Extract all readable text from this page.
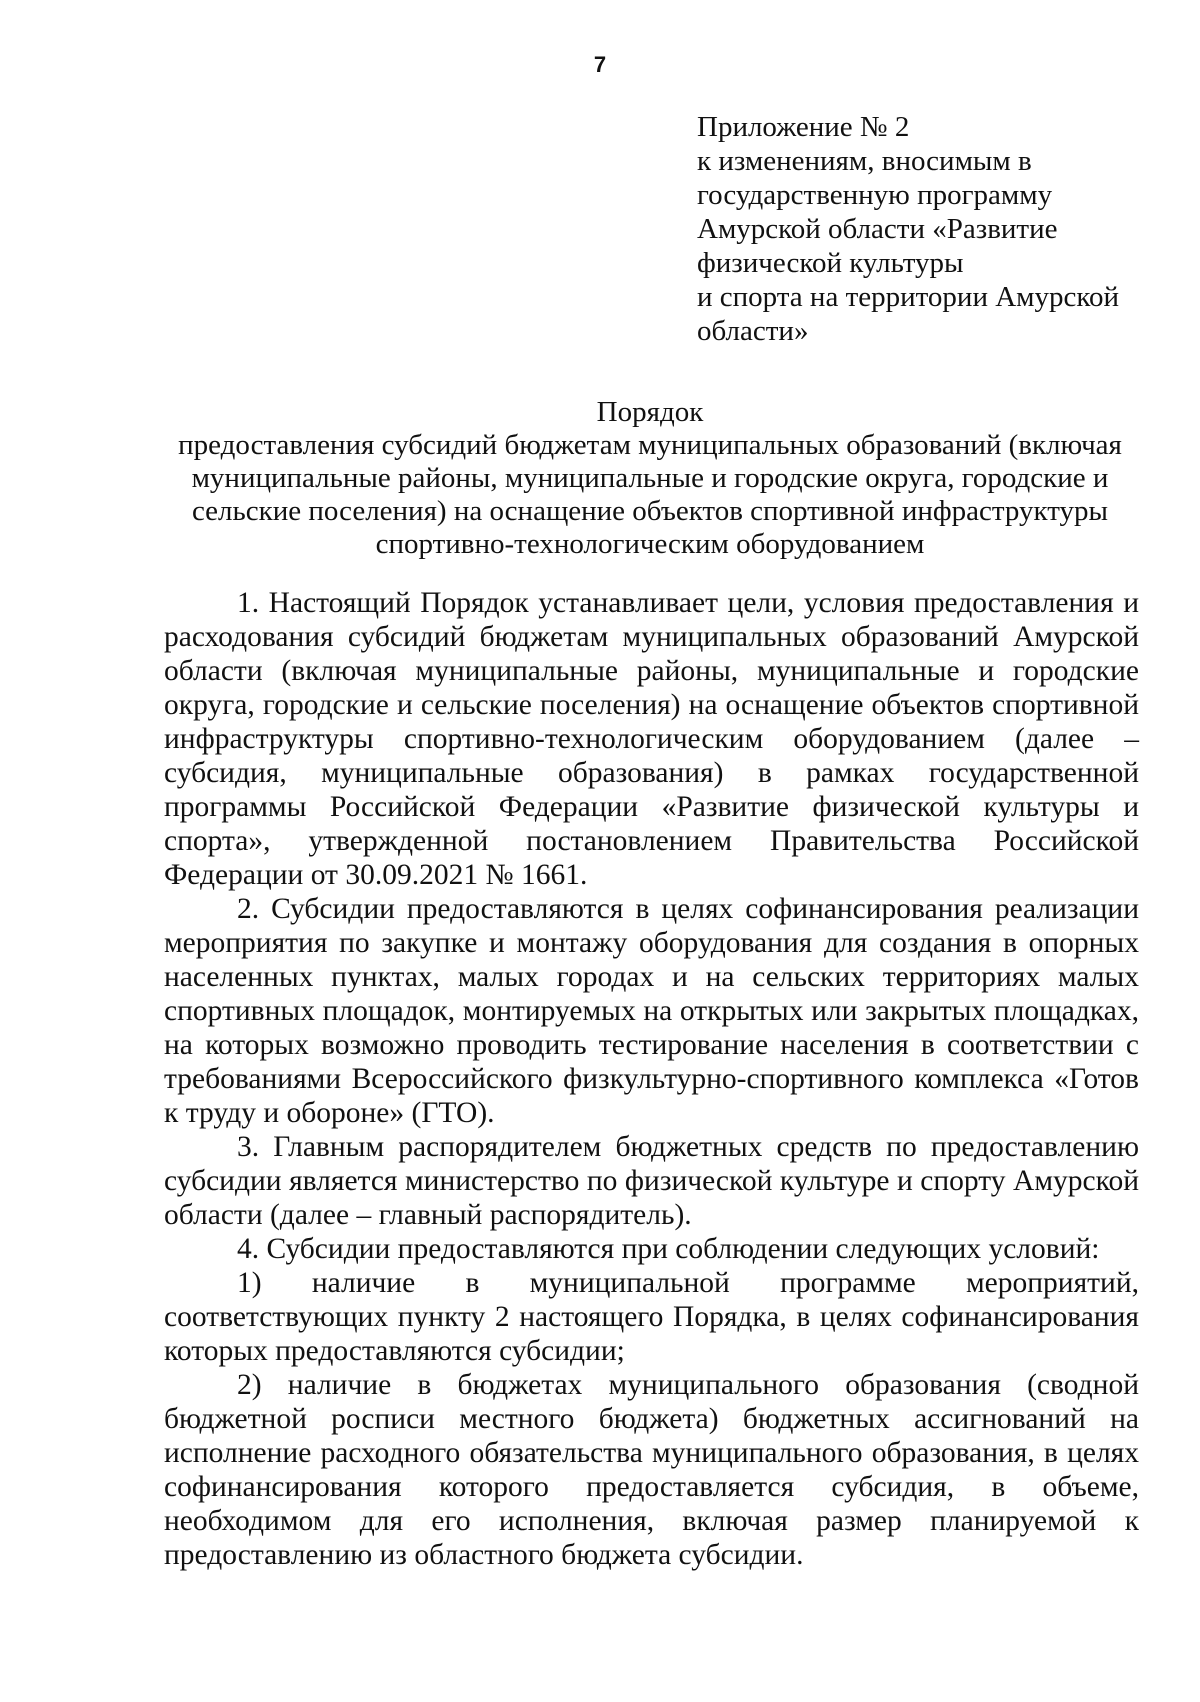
7
Приложение № 2
к изменениям, вносимым в
государственную программу
Амурской области «Развитие
физической культуры
и спорта на территории Амурской
области»
Порядок
предоставления субсидий бюджетам муниципальных образований (включая
муниципальные районы, муниципальные и городские округа, городские и
сельские поселения) на оснащение объектов спортивной инфраструктуры
спортивно-технологическим оборудованием

1. Настоящий Порядок устанавливает цели, условия предоставления и расходования субсидий бюджетам муниципальных образований Амурской области (включая муниципальные районы, муниципальные и городские округа, городские и сельские поселения) на оснащение объектов спортивной инфраструктуры спортивно-технологическим оборудованием (далее – субсидия, муниципальные образования) в рамках государственной программы Российской Федерации «Развитие физической культуры и спорта», утвержденной постановлением Правительства Российской Федерации от 30.09.2021 № 1661.

2. Субсидии предоставляются в целях софинансирования реализации мероприятия по закупке и монтажу оборудования для создания в опорных населенных пунктах, малых городах и на сельских территориях малых спортивных площадок, монтируемых на открытых или закрытых площадках, на которых возможно проводить тестирование населения в соответствии с требованиями Всероссийского физкультурно-спортивного комплекса «Готов к труду и обороне» (ГТО).

3. Главным распорядителем бюджетных средств по предоставлению субсидии является министерство по физической культуре и спорту Амурской области (далее – главный распорядитель).

4. Субсидии предоставляются при соблюдении следующих условий:

1) наличие в муниципальной программе мероприятий, соответствующих пункту 2 настоящего Порядка, в целях софинансирования которых предоставляются субсидии;

2) наличие в бюджетах муниципального образования (сводной бюджетной росписи местного бюджета) бюджетных ассигнований на исполнение расходного обязательства муниципального образования, в целях софинансирования которого предоставляется субсидия, в объеме, необходимом для его исполнения, включая размер планируемой к предоставлению из областного бюджета субсидии.
